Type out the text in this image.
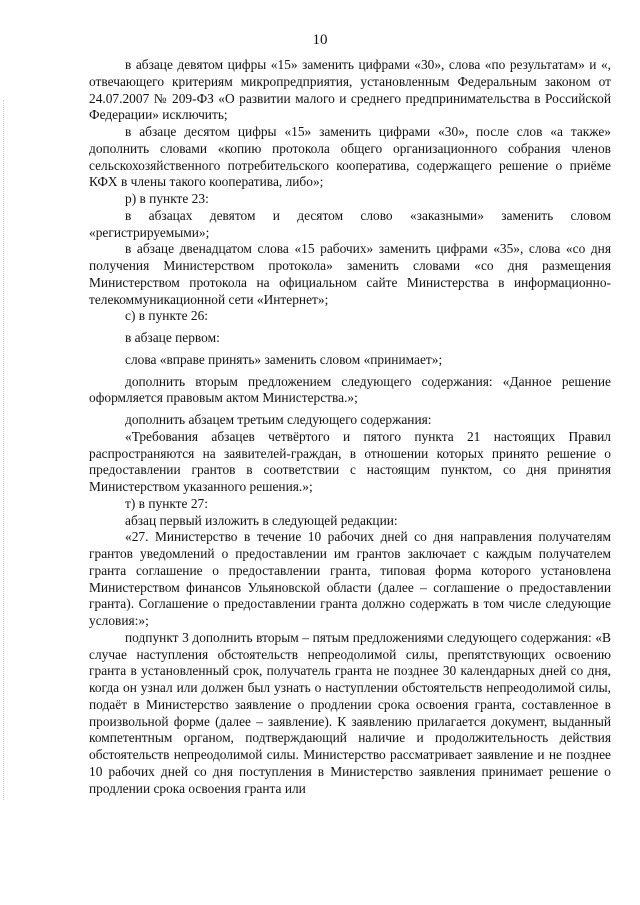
10

в абзаце девятом цифры «15» заменить цифрами «30», слова «по результатам» и «, отвечающего критериям микропредприятия, установленным Федеральным законом от 24.07.2007 № 209-ФЗ «О развитии малого и среднего предпринимательства в Российской Федерации» исключить;

в абзаце десятом цифры «15» заменить цифрами «30», после слов «а также» дополнить словами «копию протокола общего организационного собрания членов сельскохозяйственного потребительского кооператива, содержащего решение о приёме КФХ в члены такого кооператива, либо»;

р) в пункте 23:

в абзацах девятом и десятом слово «заказными» заменить словом «регистрируемыми»;

в абзаце двенадцатом слова «15 рабочих» заменить цифрами «35», слова «со дня получения Министерством протокола» заменить словами «со дня размещения Министерством протокола на официальном сайте Министерства в информационно-телекоммуникационной сети «Интернет»;

с) в пункте 26:

в абзаце первом:

слова «вправе принять» заменить словом «принимает»;

дополнить вторым предложением следующего содержания: «Данное решение оформляется правовым актом Министерства.»;

дополнить абзацем третьим следующего содержания:

«Требования абзацев четвёртого и пятого пункта 21 настоящих Правил распространяются на заявителей-граждан, в отношении которых принято решение о предоставлении грантов в соответствии с настоящим пунктом, со дня принятия Министерством указанного решения.»;

т) в пункте 27:

абзац первый изложить в следующей редакции:

«27. Министерство в течение 10 рабочих дней со дня направления получателям грантов уведомлений о предоставлении им грантов заключает с каждым получателем гранта соглашение о предоставлении гранта, типовая форма которого установлена Министерством финансов Ульяновской области (далее – соглашение о предоставлении гранта). Соглашение о предоставлении гранта должно содержать в том числе следующие условия:»;

подпункт 3 дополнить вторым – пятым предложениями следующего содержания: «В случае наступления обстоятельств непреодолимой силы, препятствующих освоению гранта в установленный срок, получатель гранта не позднее 30 календарных дней со дня, когда он узнал или должен был узнать о наступлении обстоятельств непреодолимой силы, подаёт в Министерство заявление о продлении срока освоения гранта, составленное в произвольной форме (далее – заявление). К заявлению прилагается документ, выданный компетентным органом, подтверждающий наличие и продолжительность действия обстоятельств непреодолимой силы. Министерство рассматривает заявление и не позднее 10 рабочих дней со дня поступления в Министерство заявления принимает решение о продлении срока освоения гранта или
